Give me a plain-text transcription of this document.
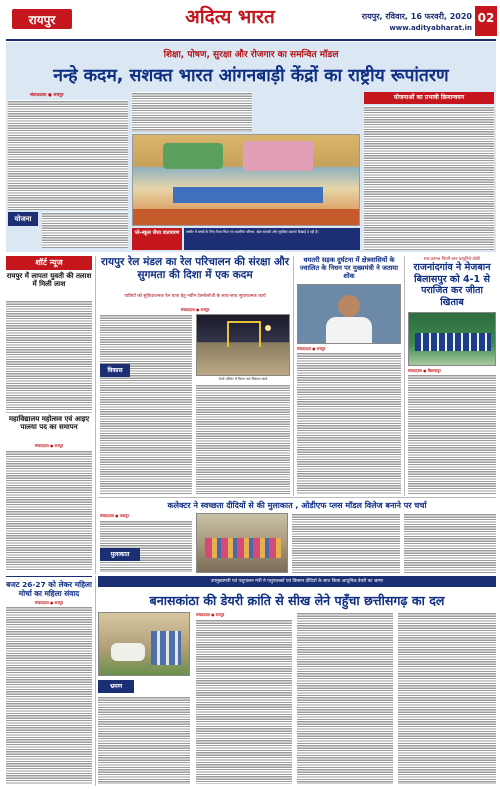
रायपुर	अदित्य भारत	रायपुर, रविवार, 16 फरवरी, 2020
www.adityabharat.in
02
शिक्षा, पोषण, सुरक्षा और रोजगार का समन्वित मॉडल
नन्हे कदम, सशक्त भारत आंगनबाड़ी केंद्रों का राष्ट्रीय रूपांतरण
संवाददाता ● रायपुर
योजना
प्ले-स्कूल जैसा वातावरण	तस्वीर में बच्चों के लिए तैयार किए गए बालमित्र परिसर, खेल सामग्री और सुरक्षित कक्षाएं दिखाई दे रही हैं।
योजनाओं का प्रभावी क्रियान्वयन
शॉर्ट न्यूज
रायपुर में लापता युवती की तलाश में मिली लाश
महाविद्यालय महोत्सव एवं आइए पालया पद का समापन
संवाददाता ● रायपुर
रायपुर रेल मंडल का रेल परिचालन की संरक्षा और सुगमता की दिशा में एक कदम
यात्रियों को सुविधाजनक रेल यात्रा हेतु नवीन टेक्नोलॉजी के साथ-साथ सुधारात्मक कार्य
संवाददाता ● रायपुर
विकास
रेलवे परिसर में किया गया विकास कार्य
धमतरी सड़क दुर्घटना में क्षेत्रवासियों के ज्वालित के निधन पर मुख्यमंत्री ने जताया शोक
संवाददाता ● रायपुर
रन्व.प्रतनत नियमें बान प्रत्यूतिने ग्रोफी
राजनांदगांव ने मेजबान बिलासपुर को 4-1 से पराजित कर जीता खिताब
संवाददाता ● बिलासपुर
कलेक्टर ने स्वच्छता दीदियों से की मुलाकात , ओडीएफ प्लस मॉडल विलेज बनाने पर चर्चा
संवाददाता ● जशपुर
मुलाकात
बजट 26-27 को लेकर महिला मोर्चा का महिला संवाद
संवाददाता ● रायपुर
उपमुख्यमंत्री एवं पशुपालन मंत्री ने पशुपालकों एवं किसान दीदियों के साथ किया आधुनिक डेयरी का भ्रमण
बनासकांठा की डेयरी क्रांति से सीख लेने पहुँचा छत्तीसगढ़ का दल
भ्रमण
संवाददाता ● रायपुर
